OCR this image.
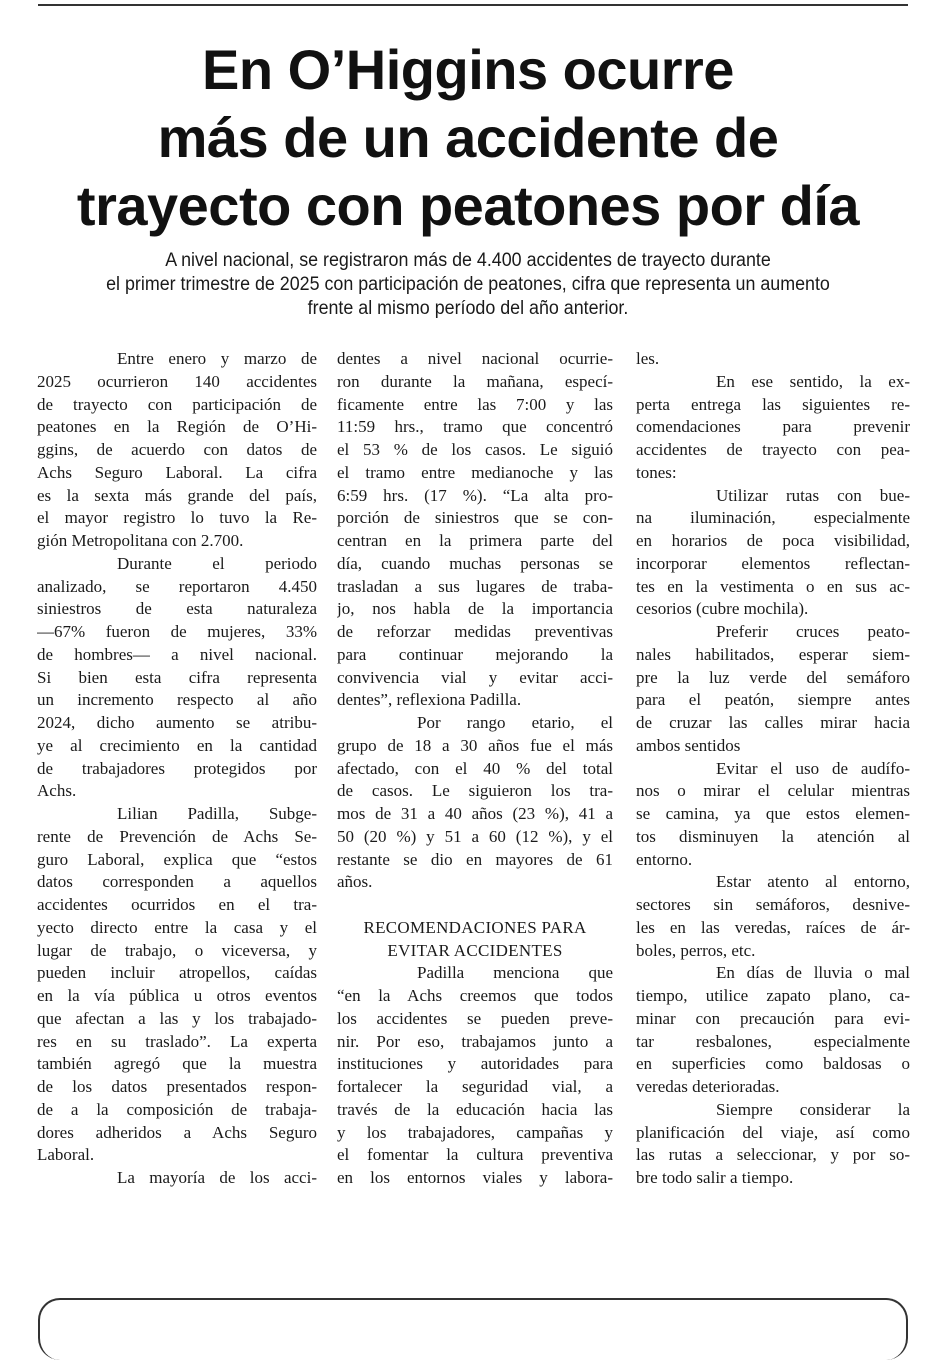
En O’Higgins ocurre
más de un accidente de
trayecto con peatones por día

A nivel nacional, se registraron más de 4.400 accidentes de trayecto durante
el primer trimestre de 2025 con participación de peatones, cifra que representa un aumento
frente al mismo período del año anterior.

Entre enero y marzo de
2025 ocurrieron 140 accidentes
de trayecto con participación de
peatones en la Región de O’Hi-
ggins, de acuerdo con datos de
Achs Seguro Laboral. La cifra
es la sexta más grande del país,
el mayor registro lo tuvo la Re-
gión Metropolitana con 2.700.
Durante el periodo
analizado, se reportaron 4.450
siniestros de esta naturaleza
—67% fueron de mujeres, 33%
de hombres— a nivel nacional.
Si bien esta cifra representa
un incremento respecto al año
2024, dicho aumento se atribu-
ye al crecimiento en la cantidad
de trabajadores protegidos por
Achs.
Lilian Padilla, Subge-
rente de Prevención de Achs Se-
guro Laboral, explica que “estos
datos corresponden a aquellos
accidentes ocurridos en el tra-
yecto directo entre la casa y el
lugar de trabajo, o viceversa, y
pueden incluir atropellos, caídas
en la vía pública u otros eventos
que afectan a las y los trabajado-
res en su traslado”. La experta
también agregó que la muestra
de los datos presentados respon-
de a la composición de trabaja-
dores adheridos a Achs Seguro
Laboral.
La mayoría de los acci-
dentes a nivel nacional ocurrie-
ron durante la mañana, especí-
ficamente entre las 7:00 y las
11:59 hrs., tramo que concentró
el 53 % de los casos. Le siguió
el tramo entre medianoche y las
6:59 hrs. (17 %). “La alta pro-
porción de siniestros que se con-
centran en la primera parte del
día, cuando muchas personas se
trasladan a sus lugares de traba-
jo, nos habla de la importancia
de reforzar medidas preventivas
para continuar mejorando la
convivencia vial y evitar acci-
dentes”, reflexiona Padilla.
Por rango etario, el
grupo de 18 a 30 años fue el más
afectado, con el 40 % del total
de casos. Le siguieron los tra-
mos de 31 a 40 años (23 %), 41 a
50 (20 %) y 51 a 60 (12 %), y el
restante se dio en mayores de 61
años.
RECOMENDACIONES PARA
EVITAR ACCIDENTES
Padilla menciona que
“en la Achs creemos que todos
los accidentes se pueden preve-
nir. Por eso, trabajamos junto a
instituciones y autoridades para
fortalecer la seguridad vial, a
través de la educación hacia las
y los trabajadores, campañas y
el fomentar la cultura preventiva
en los entornos viales y labora-
les.
En ese sentido, la ex-
perta entrega las siguientes re-
comendaciones para prevenir
accidentes de trayecto con pea-
tones:
Utilizar rutas con bue-
na iluminación, especialmente
en horarios de poca visibilidad,
incorporar elementos reflectan-
tes en la vestimenta o en sus ac-
cesorios (cubre mochila).
Preferir cruces peato-
nales habilitados, esperar siem-
pre la luz verde del semáforo
para el peatón, siempre antes
de cruzar las calles mirar hacia
ambos sentidos
Evitar el uso de audífo-
nos o mirar el celular mientras
se camina, ya que estos elemen-
tos disminuyen la atención al
entorno.
Estar atento al entorno,
sectores sin semáforos, desnive-
les en las veredas, raíces de ár-
boles, perros, etc.
En días de lluvia o mal
tiempo, utilice zapato plano, ca-
minar con precaución para evi-
tar resbalones, especialmente
en superficies como baldosas o
veredas deterioradas.
Siempre considerar la
planificación del viaje, así como
las rutas a seleccionar, y por so-
bre todo salir a tiempo.
